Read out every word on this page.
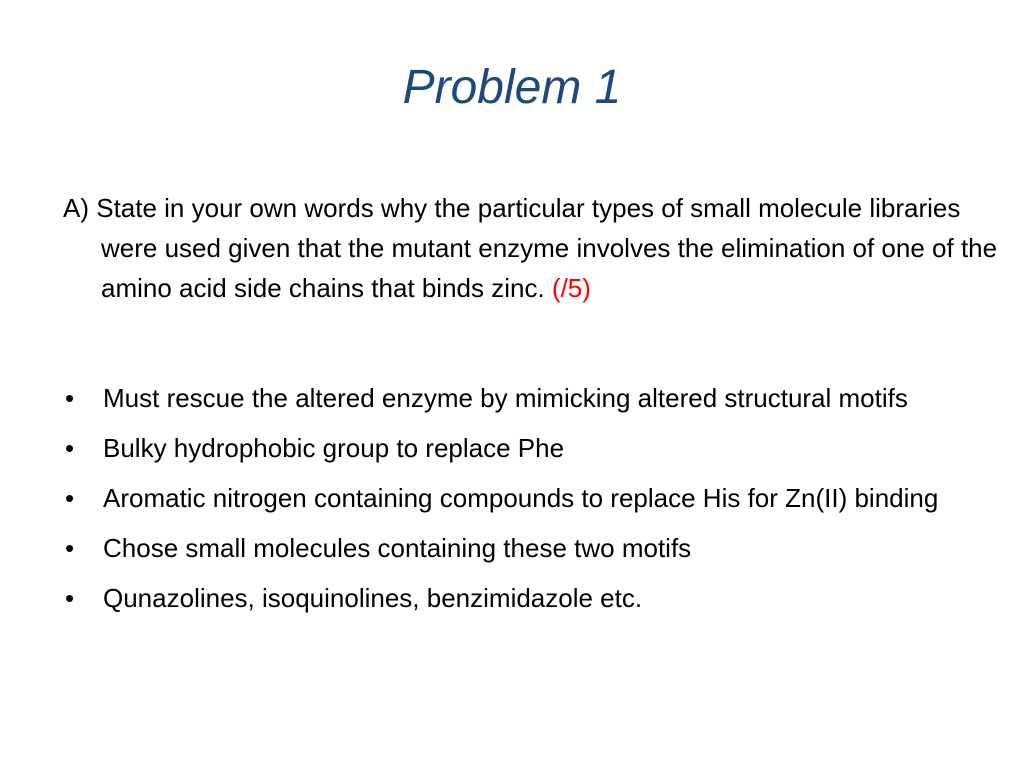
Problem 1
A) State in your own words why the particular types of small molecule libraries were used given that the mutant enzyme involves the elimination of one of the amino acid side chains that binds zinc. (/5)
• Must rescue the altered enzyme by mimicking altered structural motifs
• Bulky hydrophobic group to replace Phe
• Aromatic nitrogen containing compounds to replace His for Zn(II) binding
• Chose small molecules containing these two motifs
• Qunazolines, isoquinolines, benzimidazole etc.
